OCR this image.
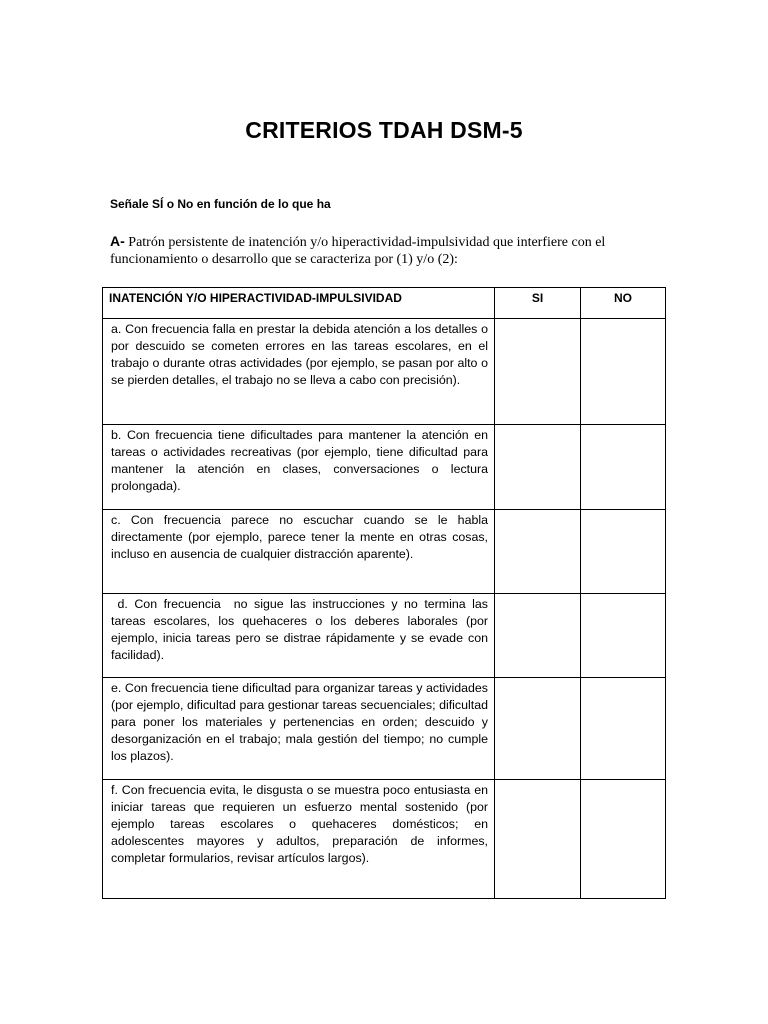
CRITERIOS TDAH DSM-5
Señale SÍ o No en función de lo que ha
A- Patrón persistente de inatención y/o hiperactividad-impulsividad que interfiere con el funcionamiento o desarrollo que se caracteriza por (1) y/o (2):
INATENCIÓN Y/O HIPERACTIVIDAD-IMPULSIVIDAD	SI	NO
a. Con frecuencia falla en prestar la debida atención a los detalles o por descuido se cometen errores en las tareas escolares, en el trabajo o durante otras actividades (por ejemplo, se pasan por alto o se pierden detalles, el trabajo no se lleva a cabo con precisión).		
b. Con frecuencia tiene dificultades para mantener la atención en tareas o actividades recreativas (por ejemplo, tiene dificultad para mantener la atención en clases, conversaciones o lectura prolongada).		
c. Con frecuencia parece no escuchar cuando se le habla directamente (por ejemplo, parece tener la mente en otras cosas, incluso en ausencia de cualquier distracción aparente).		
d. Con frecuencia  no sigue las instrucciones y no termina las tareas escolares, los quehaceres o los deberes laborales (por ejemplo, inicia tareas pero se distrae rápidamente y se evade con facilidad).		
e. Con frecuencia tiene dificultad para organizar tareas y actividades (por ejemplo, dificultad para gestionar tareas secuenciales; dificultad para poner los materiales y pertenencias en orden; descuido y desorganización en el trabajo; mala gestión del tiempo; no cumple los plazos).		
f. Con frecuencia evita, le disgusta o se muestra poco entusiasta en iniciar tareas que requieren un esfuerzo mental sostenido (por ejemplo tareas escolares o quehaceres domésticos; en adolescentes mayores y adultos, preparación de informes, completar formularios, revisar artículos largos).		
